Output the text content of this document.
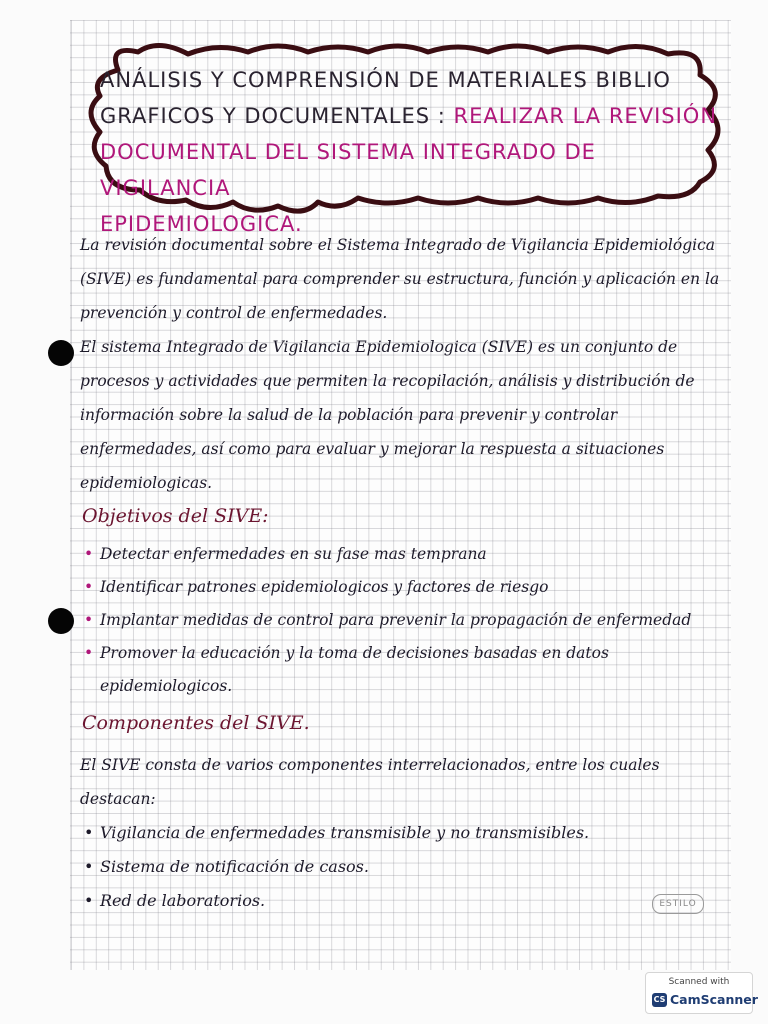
ANÁLISIS Y COMPRENSIÓN DE MATERIALES BIBLIO
GRAFICOS Y DOCUMENTALES : REALIZAR LA REVISIÓN
DOCUMENTAL DEL SISTEMA INTEGRADO DE VIGILANCIA
EPIDEMIOLOGICA.
La revisión documental sobre el Sistema Integrado de Vigilancia Epidemiológica (SIVE) es fundamental para comprender su estructura, función y aplicación en la prevención y control de enfermedades.
El sistema Integrado de Vigilancia Epidemiologica (SIVE) es un conjunto de procesos y actividades que permiten la recopilación, análisis y distribución de información sobre la salud de la población para prevenir y controlar enfermedades, así como para evaluar y mejorar la respuesta a situaciones epidemiologicas.
Objetivos del SIVE:
• Detectar enfermedades en su fase mas temprana
• Identificar patrones epidemiologicos y factores de riesgo
• Implantar medidas de control para prevenir la propagación de enfermedad
• Promover la educación y la toma de decisiones basadas en datos epidemiologicos.
Componentes del SIVE.
El SIVE consta de varios componentes interrelacionados, entre los cuales destacan:
• Vigilancia de enfermedades transmisible y no transmisibles.
• Sistema de notificación de casos.
• Red de laboratorios.	ESTILO
Scanned with
CS CamScanner
